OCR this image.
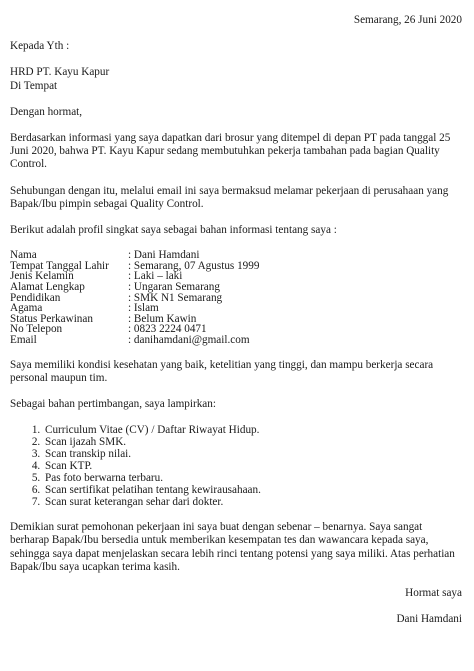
Semarang, 26 Juni 2020

Kepada Yth :

HRD PT. Kayu Kapur

Di Tempat

Dengan hormat,

Berdasarkan informasi yang saya dapatkan dari brosur yang ditempel di depan PT pada tanggal 25 Juni 2020, bahwa PT. Kayu Kapur sedang membutuhkan pekerja tambahan pada bagian Quality Control.

Sehubungan dengan itu, melalui email ini saya bermaksud melamar pekerjaan di perusahaan yang Bapak/Ibu pimpin sebagai Quality Control.

Berikut adalah profil singkat saya sebagai bahan informasi tentang saya :

Nama	: Dani Hamdani
Tempat Tanggal Lahir	: Semarang, 07 Agustus 1999
Jenis Kelamin	: Laki – laki
Alamat Lengkap	: Ungaran Semarang
Pendidikan	: SMK N1 Semarang
Agama	: Islam
Status Perkawinan	: Belum Kawin
No Telepon	: 0823 2224 0471
Email	: danihamdani@gmail.com

Saya memiliki kondisi kesehatan yang baik, ketelitian yang tinggi, dan mampu berkerja secara personal maupun tim.

Sebagai bahan pertimbangan, saya lampirkan:

1. Curriculum Vitae (CV) / Daftar Riwayat Hidup.
2. Scan ijazah SMK.
3. Scan transkip nilai.
4. Scan KTP.
5. Pas foto berwarna terbaru.
6. Scan sertifikat pelatihan tentang kewirausahaan.
7. Scan surat keterangan sehar dari dokter.

Demikian surat pemohonan pekerjaan ini saya buat dengan sebenar – benarnya. Saya sangat berharap Bapak/Ibu bersedia untuk memberikan kesempatan tes dan wawancara kepada saya, sehingga saya dapat menjelaskan secara lebih rinci tentang potensi yang saya miliki. Atas perhatian Bapak/Ibu saya ucapkan terima kasih.

Hormat saya

Dani Hamdani
